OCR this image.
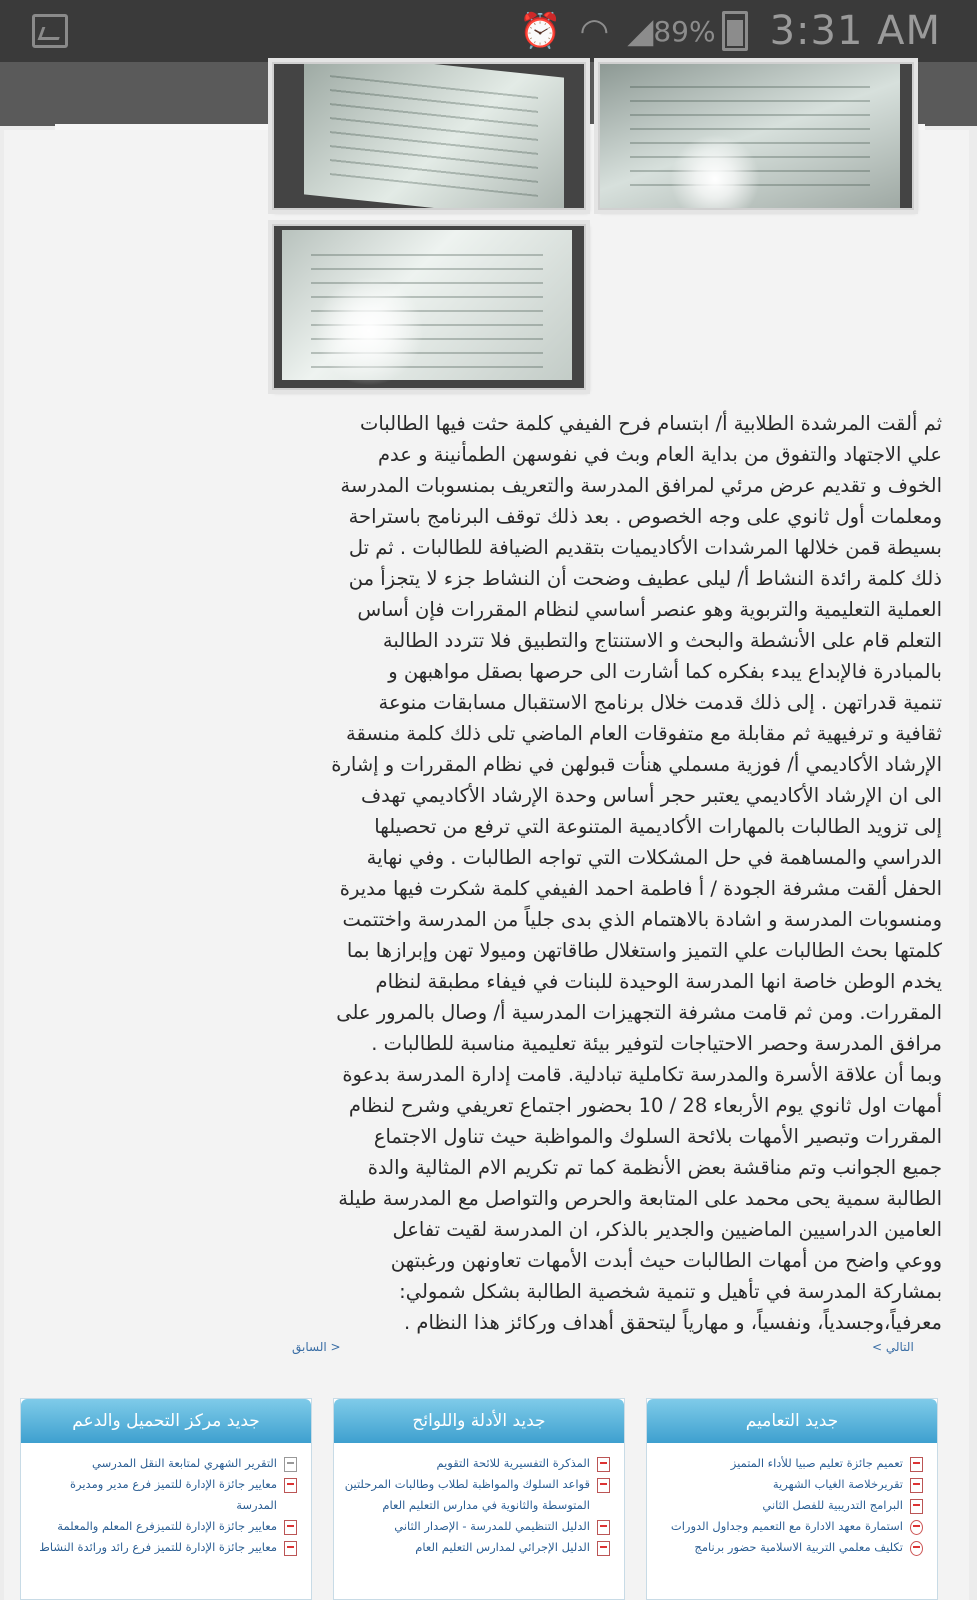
⏰ ◠ ◢ 89% 3:31 AM

ثم ألقت المرشدة الطلابية أ/ ابتسام فرح الفيفي كلمة حثت فيها الطالبات

علي الاجتهاد والتفوق من بداية العام وبث في نفوسهن الطمأنينة و عدم

الخوف و تقديم عرض مرئي لمرافق المدرسة والتعريف بمنسوبات المدرسة

ومعلمات أول ثانوي على وجه الخصوص . بعد ذلك توقف البرنامج باستراحة

بسيطة قمن خلالها المرشدات الأكاديميات بتقديم الضيافة للطالبات . ثم تل

ذلك كلمة رائدة النشاط أ/ ليلى عطيف وضحت أن النشاط جزء لا يتجزأ من

العملية التعليمية والتربوية وهو عنصر أساسي لنظام المقررات فإن أساس

التعلم قام على الأنشطة والبحث و الاستنتاج والتطبيق فلا تتردد الطالبة

بالمبادرة فالإبداع يبدء بفكره كما أشارت الى حرصها بصقل مواهبهن و

تنمية قدراتهن . إلى ذلك قدمت خلال برنامج الاستقبال مسابقات منوعة

ثقافية و ترفيهية ثم مقابلة مع متفوقات العام الماضي تلى ذلك كلمة منسقة

الإرشاد الأكاديمي أ/ فوزية مسملي هنأت قبولهن في نظام المقررات و إشارة

الى ان الإرشاد الأكاديمي يعتبر حجر أساس وحدة الإرشاد الأكاديمي تهدف

إلى تزويد الطالبات بالمهارات الأكاديمية المتنوعة التي ترفع من تحصيلها

الدراسي والمساهمة في حل المشكلات التي تواجه الطالبات . وفي نهاية

الحفل ألقت مشرفة الجودة / أ فاطمة احمد الفيفي كلمة شكرت فيها مديرة

ومنسوبات المدرسة و اشادة بالاهتمام الذي بدى جلياً من المدرسة واختتمت

كلمتها بحث الطالبات علي التميز واستغلال طاقاتهن وميولا تهن وإبرازها بما

يخدم الوطن خاصة انها المدرسة الوحيدة للبنات في فيفاء مطبقة لنظام

المقررات. ومن ثم قامت مشرفة التجهيزات المدرسية أ/ وصال بالمرور على

مرافق المدرسة وحصر الاحتياجات لتوفير بيئة تعليمية مناسبة للطالبات .

وبما أن علاقة الأسرة والمدرسة تكاملية تبادلية. قامت إدارة المدرسة بدعوة

أمهات اول ثانوي يوم الأربعاء 28 / 10 بحضور اجتماع تعريفي وشرح لنظام

المقررات وتبصير الأمهات بلائحة السلوك والمواظبة حيث تناول الاجتماع

جميع الجوانب وتم مناقشة بعض الأنظمة كما تم تكريم الام المثالية والدة

الطالبة سمية يحى محمد على المتابعة والحرص والتواصل مع المدرسة طيلة

العامين الدراسيين الماضيين والجدير بالذكر، ان المدرسة لقيت تفاعل

ووعي واضح من أمهات الطالبات حيث أبدت الأمهات تعاونهن ورغبتهن

بمشاركة المدرسة في تأهيل و تنمية شخصية الطالبة بشكل شمولي:

معرفياً،وجسدياً، ونفسياً، و مهارياً ليتحقق أهداف وركائز هذا النظام .

التالي >
< السابق
جديد التعاميم
تعميم جائزة تعليم صبيا للأداء المتميز
تقريرخلاصة الغياب الشهرية
البرامج التدريبية للفصل الثاني
استمارة معهد الادارة مع التعميم وجداول الدورات
تكليف معلمي التربية الاسلامية حضور برنامج
جديد الأدلة واللوائح
المذكرة التفسيرية للائحة التقويم
قواعد السلوك والمواظبة لطلاب وطالبات المرحلتين المتوسطة والثانوية في مدارس التعليم العام
الدليل التنظيمي للمدرسة - الإصدار الثاني
الدليل الإجرائي لمدارس التعليم العام
جديد مركز التحميل والدعم
التقرير الشهري لمتابعة النقل المدرسي
معايير جائزة الإدارة للتميز فرع مدير ومديرة المدرسة
معايير جائزة الإدارة للتميزفرع المعلم والمعلمة
معايير جائزة الإدارة للتميز فرع رائد ورائدة النشاط
